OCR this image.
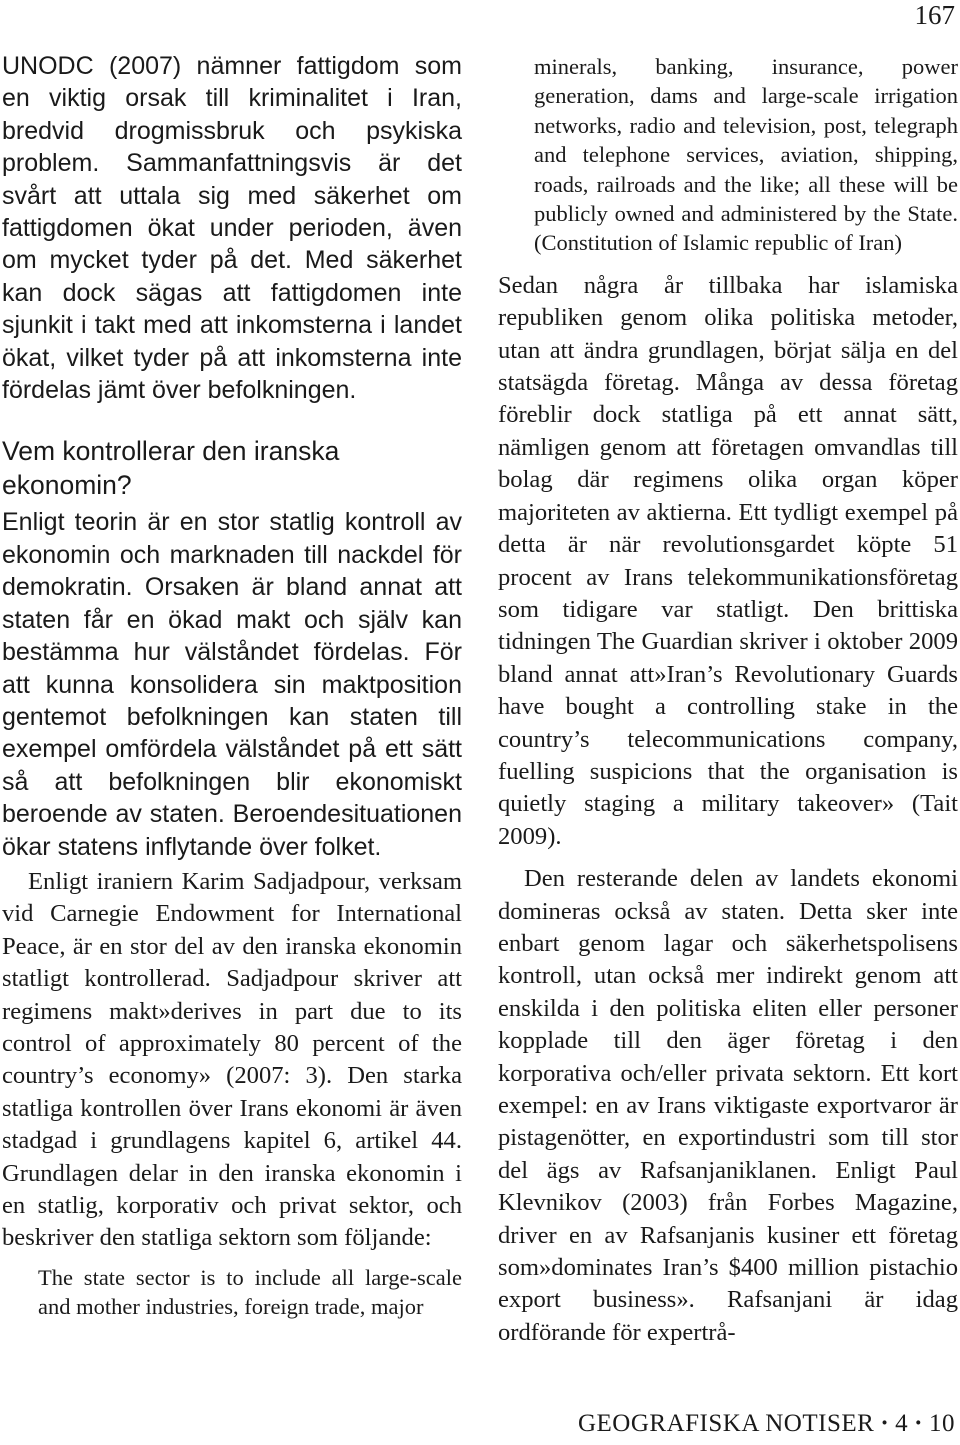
167

UNODC (2007) nämner fattigdom som en viktig orsak till kriminalitet i Iran, bredvid drogmissbruk och psykiska problem. Sammanfattningsvis är det svårt att uttala sig med säkerhet om fattigdomen ökat under perioden, även om mycket tyder på det. Med säkerhet kan dock sägas att fattigdomen inte sjunkit i takt med att inkomsterna i landet ökat, vilket tyder på att inkomsterna inte fördelas jämt över befolkningen.

Vem kontrollerar den iranska ekonomin?

Enligt teorin är en stor statlig kontroll av ekonomin och marknaden till nackdel för demokratin. Orsaken är bland annat att staten får en ökad makt och själv kan bestämma hur välståndet fördelas. För att kunna konsolidera sin maktposition gentemot befolkningen kan staten till exempel omfördela välståndet på ett sätt så att befolkningen blir ekonomiskt beroende av staten. Beroendesituationen ökar statens inflytande över folket.

Enligt iraniern Karim Sadjadpour, verksam vid Carnegie Endowment for International Peace, är en stor del av den iranska ekonomin statligt kontrollerad. Sadjadpour skriver att regimens makt»derives in part due to its control of approximately 80 percent of the country’s economy» (2007: 3). Den starka statliga kontrollen över Irans ekonomi är även stadgad i grundlagens kapitel 6, artikel 44. Grundlagen delar in den iranska ekonomin i en statlig, korporativ och privat sektor, och beskriver den statliga sektorn som följande:

The state sector is to include all large-scale and mother industries, foreign trade, major

minerals, banking, insurance, power generation, dams and large-scale irrigation networks, radio and television, post, telegraph and telephone services, aviation, shipping, roads, railroads and the like; all these will be publicly owned and administered by the State. (Constitution of Islamic republic of Iran)

Sedan några år tillbaka har islamiska republiken genom olika politiska metoder, utan att ändra grundlagen, börjat sälja en del statsägda företag. Många av dessa företag föreblir dock statliga på ett annat sätt, nämligen genom att företagen omvandlas till bolag där regimens olika organ köper majoriteten av aktierna. Ett tydligt exempel på detta är när revolutionsgardet köpte 51 procent av Irans telekommunikationsföretag som tidigare var statligt. Den brittiska tidningen The Guardian skriver i oktober 2009 bland annat att»Iran’s Revolutionary Guards have bought a controlling stake in the country’s telecommunications company, fuelling suspicions that the organisation is quietly staging a military takeover» (Tait 2009).

Den resterande delen av landets ekonomi domineras också av staten. Detta sker inte enbart genom lagar och säkerhetspolisens kontroll, utan också mer indirekt genom att enskilda i den politiska eliten eller personer kopplade till den äger företag i den korporativa och/eller privata sektorn. Ett kort exempel: en av Irans viktigaste exportvaror är pistagenötter, en exportindustri som till stor del ägs av Rafsanjaniklanen. Enligt Paul Klevnikov (2003) från Forbes Magazine, driver en av Rafsanjanis kusiner ett företag som»dominates Iran’s $400 million pistachio export business». Rafsanjani är idag ordförande för expertrå-

GEOGRAFISKA NOTISER · 4 · 10
